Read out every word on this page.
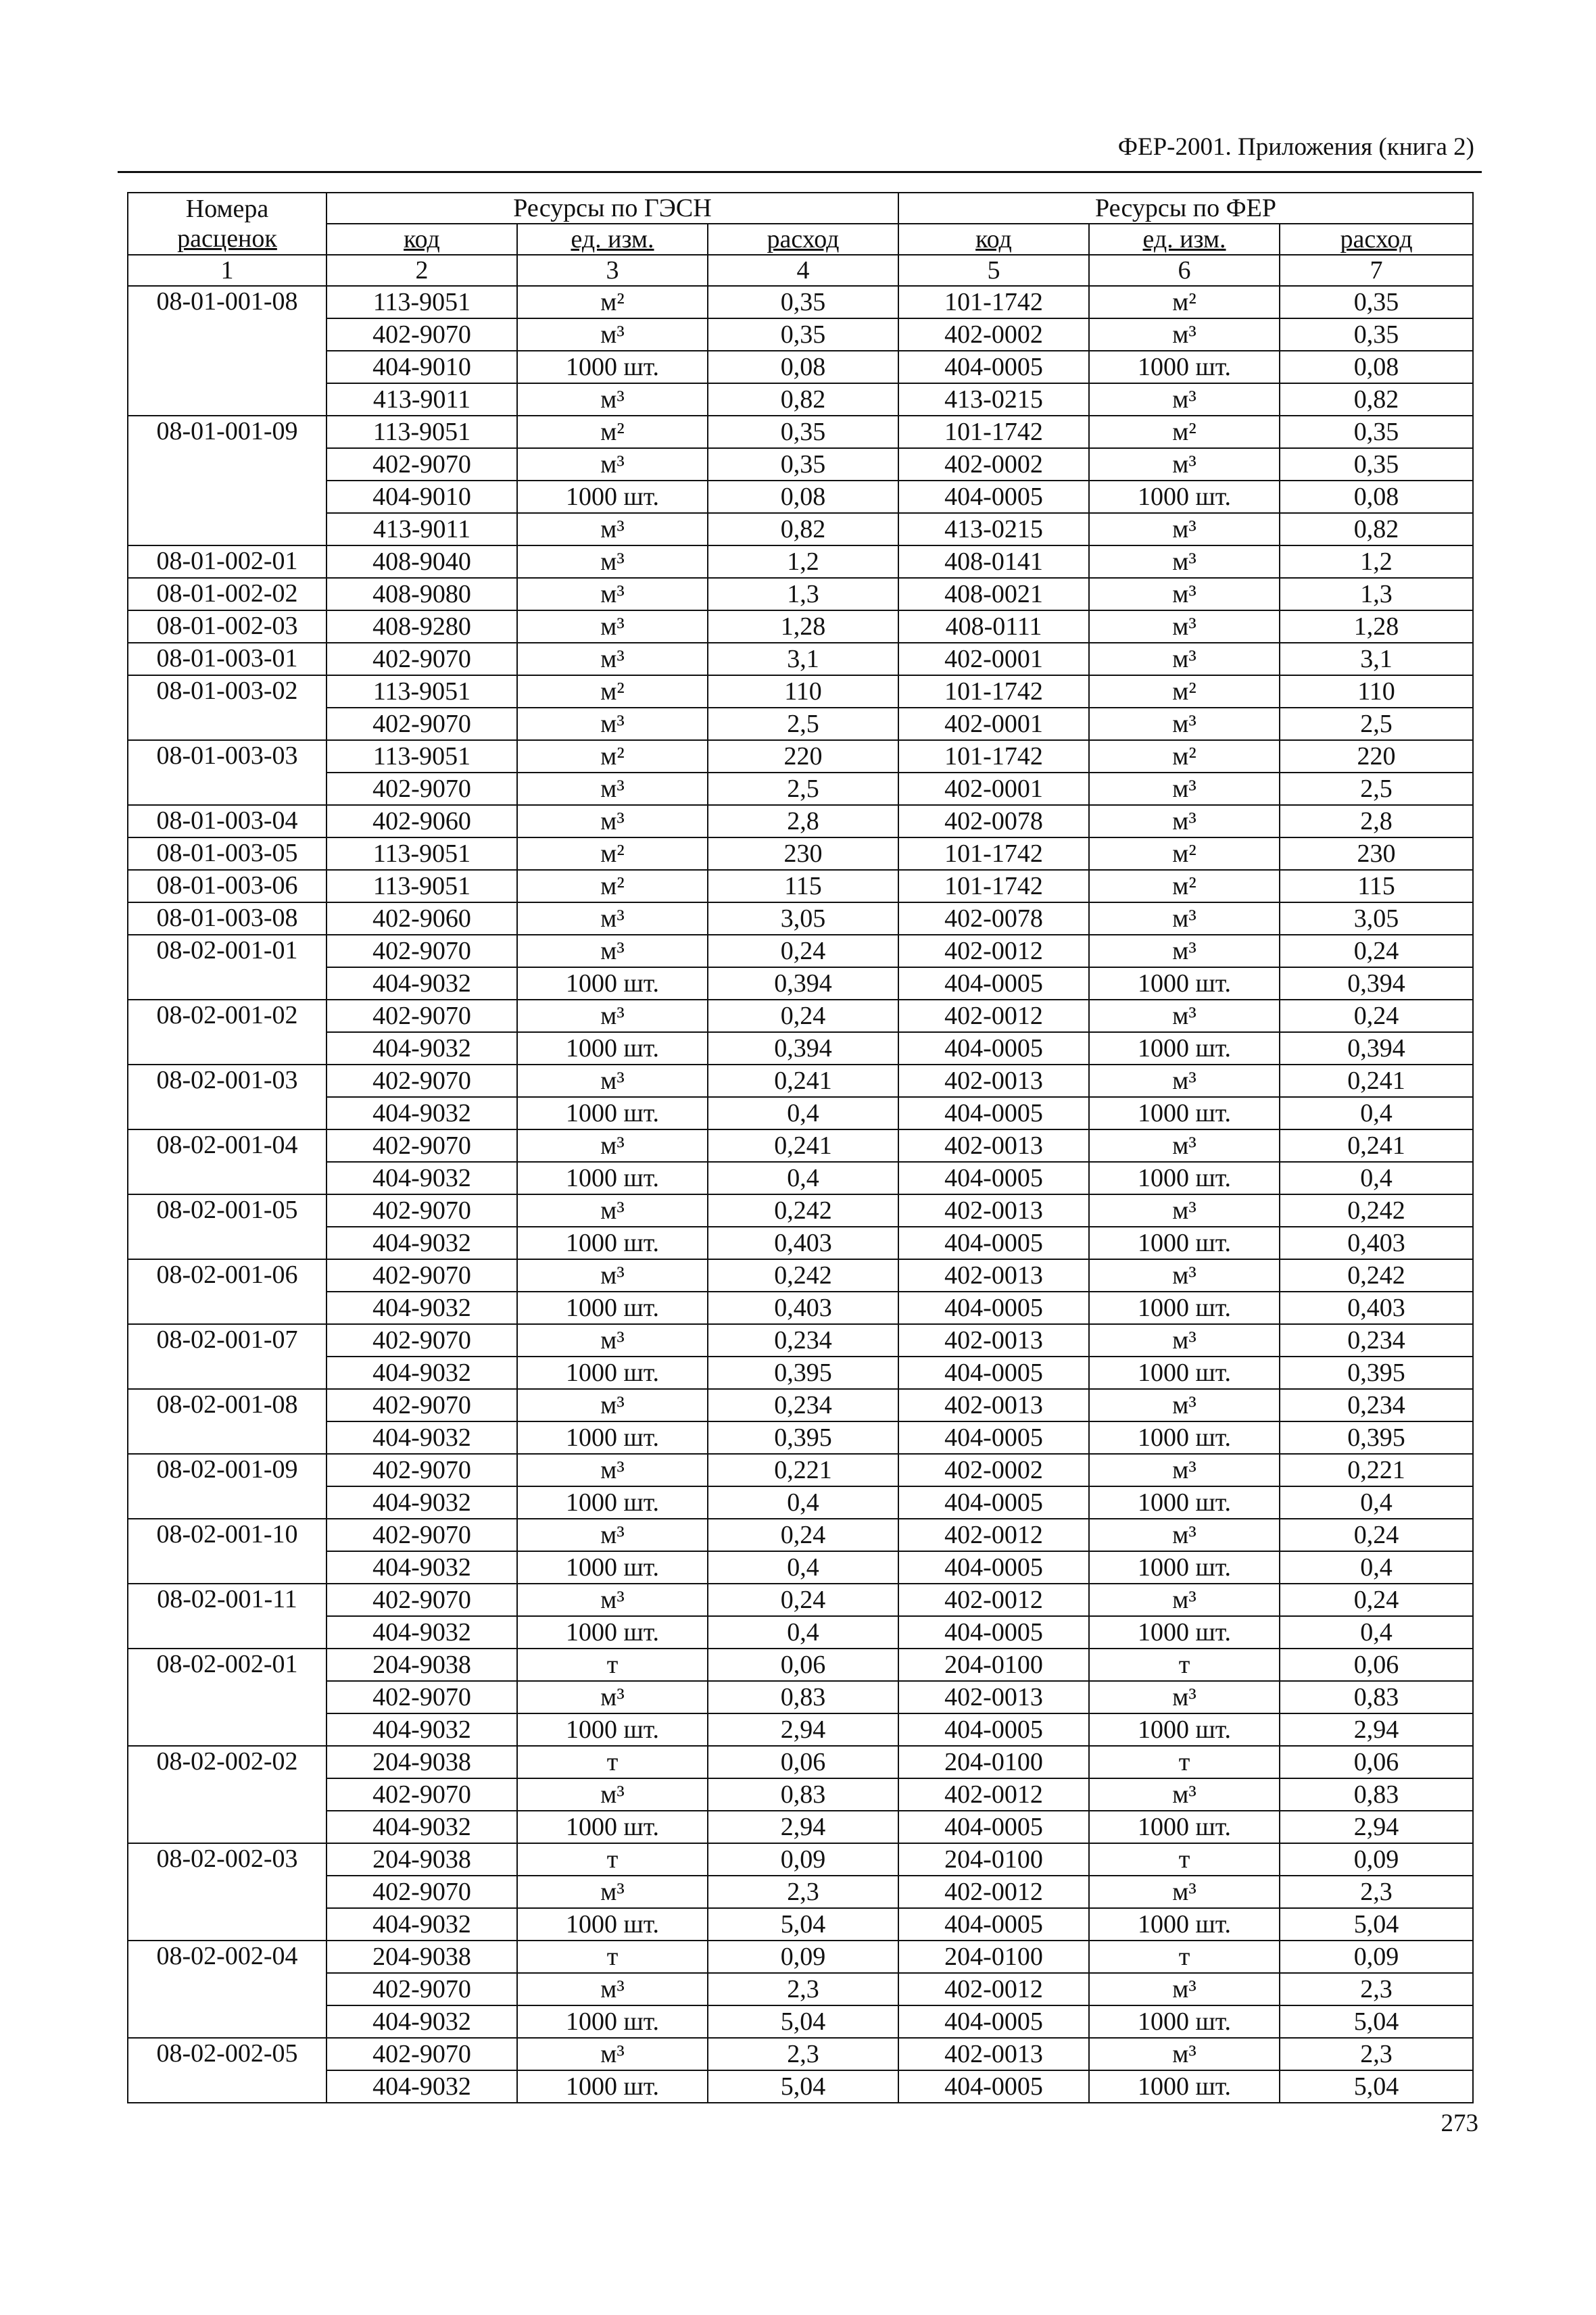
ФЕР-2001. Приложения (книга 2)
Номера
расценок	Ресурсы по ГЭСН			Ресурсы по ФЕР		
	код	ед. изм.	расход	код	ед. изм.	расход
1	2	3	4	5	6	7
08-01-001-08	113-9051	м²	0,35	101-1742	м²	0,35
	402-9070	м³	0,35	402-0002	м³	0,35
	404-9010	1000 шт.	0,08	404-0005	1000 шт.	0,08
	413-9011	м³	0,82	413-0215	м³	0,82
08-01-001-09	113-9051	м²	0,35	101-1742	м²	0,35
	402-9070	м³	0,35	402-0002	м³	0,35
	404-9010	1000 шт.	0,08	404-0005	1000 шт.	0,08
	413-9011	м³	0,82	413-0215	м³	0,82
08-01-002-01	408-9040	м³	1,2	408-0141	м³	1,2
08-01-002-02	408-9080	м³	1,3	408-0021	м³	1,3
08-01-002-03	408-9280	м³	1,28	408-0111	м³	1,28
08-01-003-01	402-9070	м³	3,1	402-0001	м³	3,1
08-01-003-02	113-9051	м²	110	101-1742	м²	110
	402-9070	м³	2,5	402-0001	м³	2,5
08-01-003-03	113-9051	м²	220	101-1742	м²	220
	402-9070	м³	2,5	402-0001	м³	2,5
08-01-003-04	402-9060	м³	2,8	402-0078	м³	2,8
08-01-003-05	113-9051	м²	230	101-1742	м²	230
08-01-003-06	113-9051	м²	115	101-1742	м²	115
08-01-003-08	402-9060	м³	3,05	402-0078	м³	3,05
08-02-001-01	402-9070	м³	0,24	402-0012	м³	0,24
	404-9032	1000 шт.	0,394	404-0005	1000 шт.	0,394
08-02-001-02	402-9070	м³	0,24	402-0012	м³	0,24
	404-9032	1000 шт.	0,394	404-0005	1000 шт.	0,394
08-02-001-03	402-9070	м³	0,241	402-0013	м³	0,241
	404-9032	1000 шт.	0,4	404-0005	1000 шт.	0,4
08-02-001-04	402-9070	м³	0,241	402-0013	м³	0,241
	404-9032	1000 шт.	0,4	404-0005	1000 шт.	0,4
08-02-001-05	402-9070	м³	0,242	402-0013	м³	0,242
	404-9032	1000 шт.	0,403	404-0005	1000 шт.	0,403
08-02-001-06	402-9070	м³	0,242	402-0013	м³	0,242
	404-9032	1000 шт.	0,403	404-0005	1000 шт.	0,403
08-02-001-07	402-9070	м³	0,234	402-0013	м³	0,234
	404-9032	1000 шт.	0,395	404-0005	1000 шт.	0,395
08-02-001-08	402-9070	м³	0,234	402-0013	м³	0,234
	404-9032	1000 шт.	0,395	404-0005	1000 шт.	0,395
08-02-001-09	402-9070	м³	0,221	402-0002	м³	0,221
	404-9032	1000 шт.	0,4	404-0005	1000 шт.	0,4
08-02-001-10	402-9070	м³	0,24	402-0012	м³	0,24
	404-9032	1000 шт.	0,4	404-0005	1000 шт.	0,4
08-02-001-11	402-9070	м³	0,24	402-0012	м³	0,24
	404-9032	1000 шт.	0,4	404-0005	1000 шт.	0,4
08-02-002-01	204-9038	т	0,06	204-0100	т	0,06
	402-9070	м³	0,83	402-0013	м³	0,83
	404-9032	1000 шт.	2,94	404-0005	1000 шт.	2,94
08-02-002-02	204-9038	т	0,06	204-0100	т	0,06
	402-9070	м³	0,83	402-0012	м³	0,83
	404-9032	1000 шт.	2,94	404-0005	1000 шт.	2,94
08-02-002-03	204-9038	т	0,09	204-0100	т	0,09
	402-9070	м³	2,3	402-0012	м³	2,3
	404-9032	1000 шт.	5,04	404-0005	1000 шт.	5,04
08-02-002-04	204-9038	т	0,09	204-0100	т	0,09
	402-9070	м³	2,3	402-0012	м³	2,3
	404-9032	1000 шт.	5,04	404-0005	1000 шт.	5,04
08-02-002-05	402-9070	м³	2,3	402-0013	м³	2,3
	404-9032	1000 шт.	5,04	404-0005	1000 шт.	5,04
273
